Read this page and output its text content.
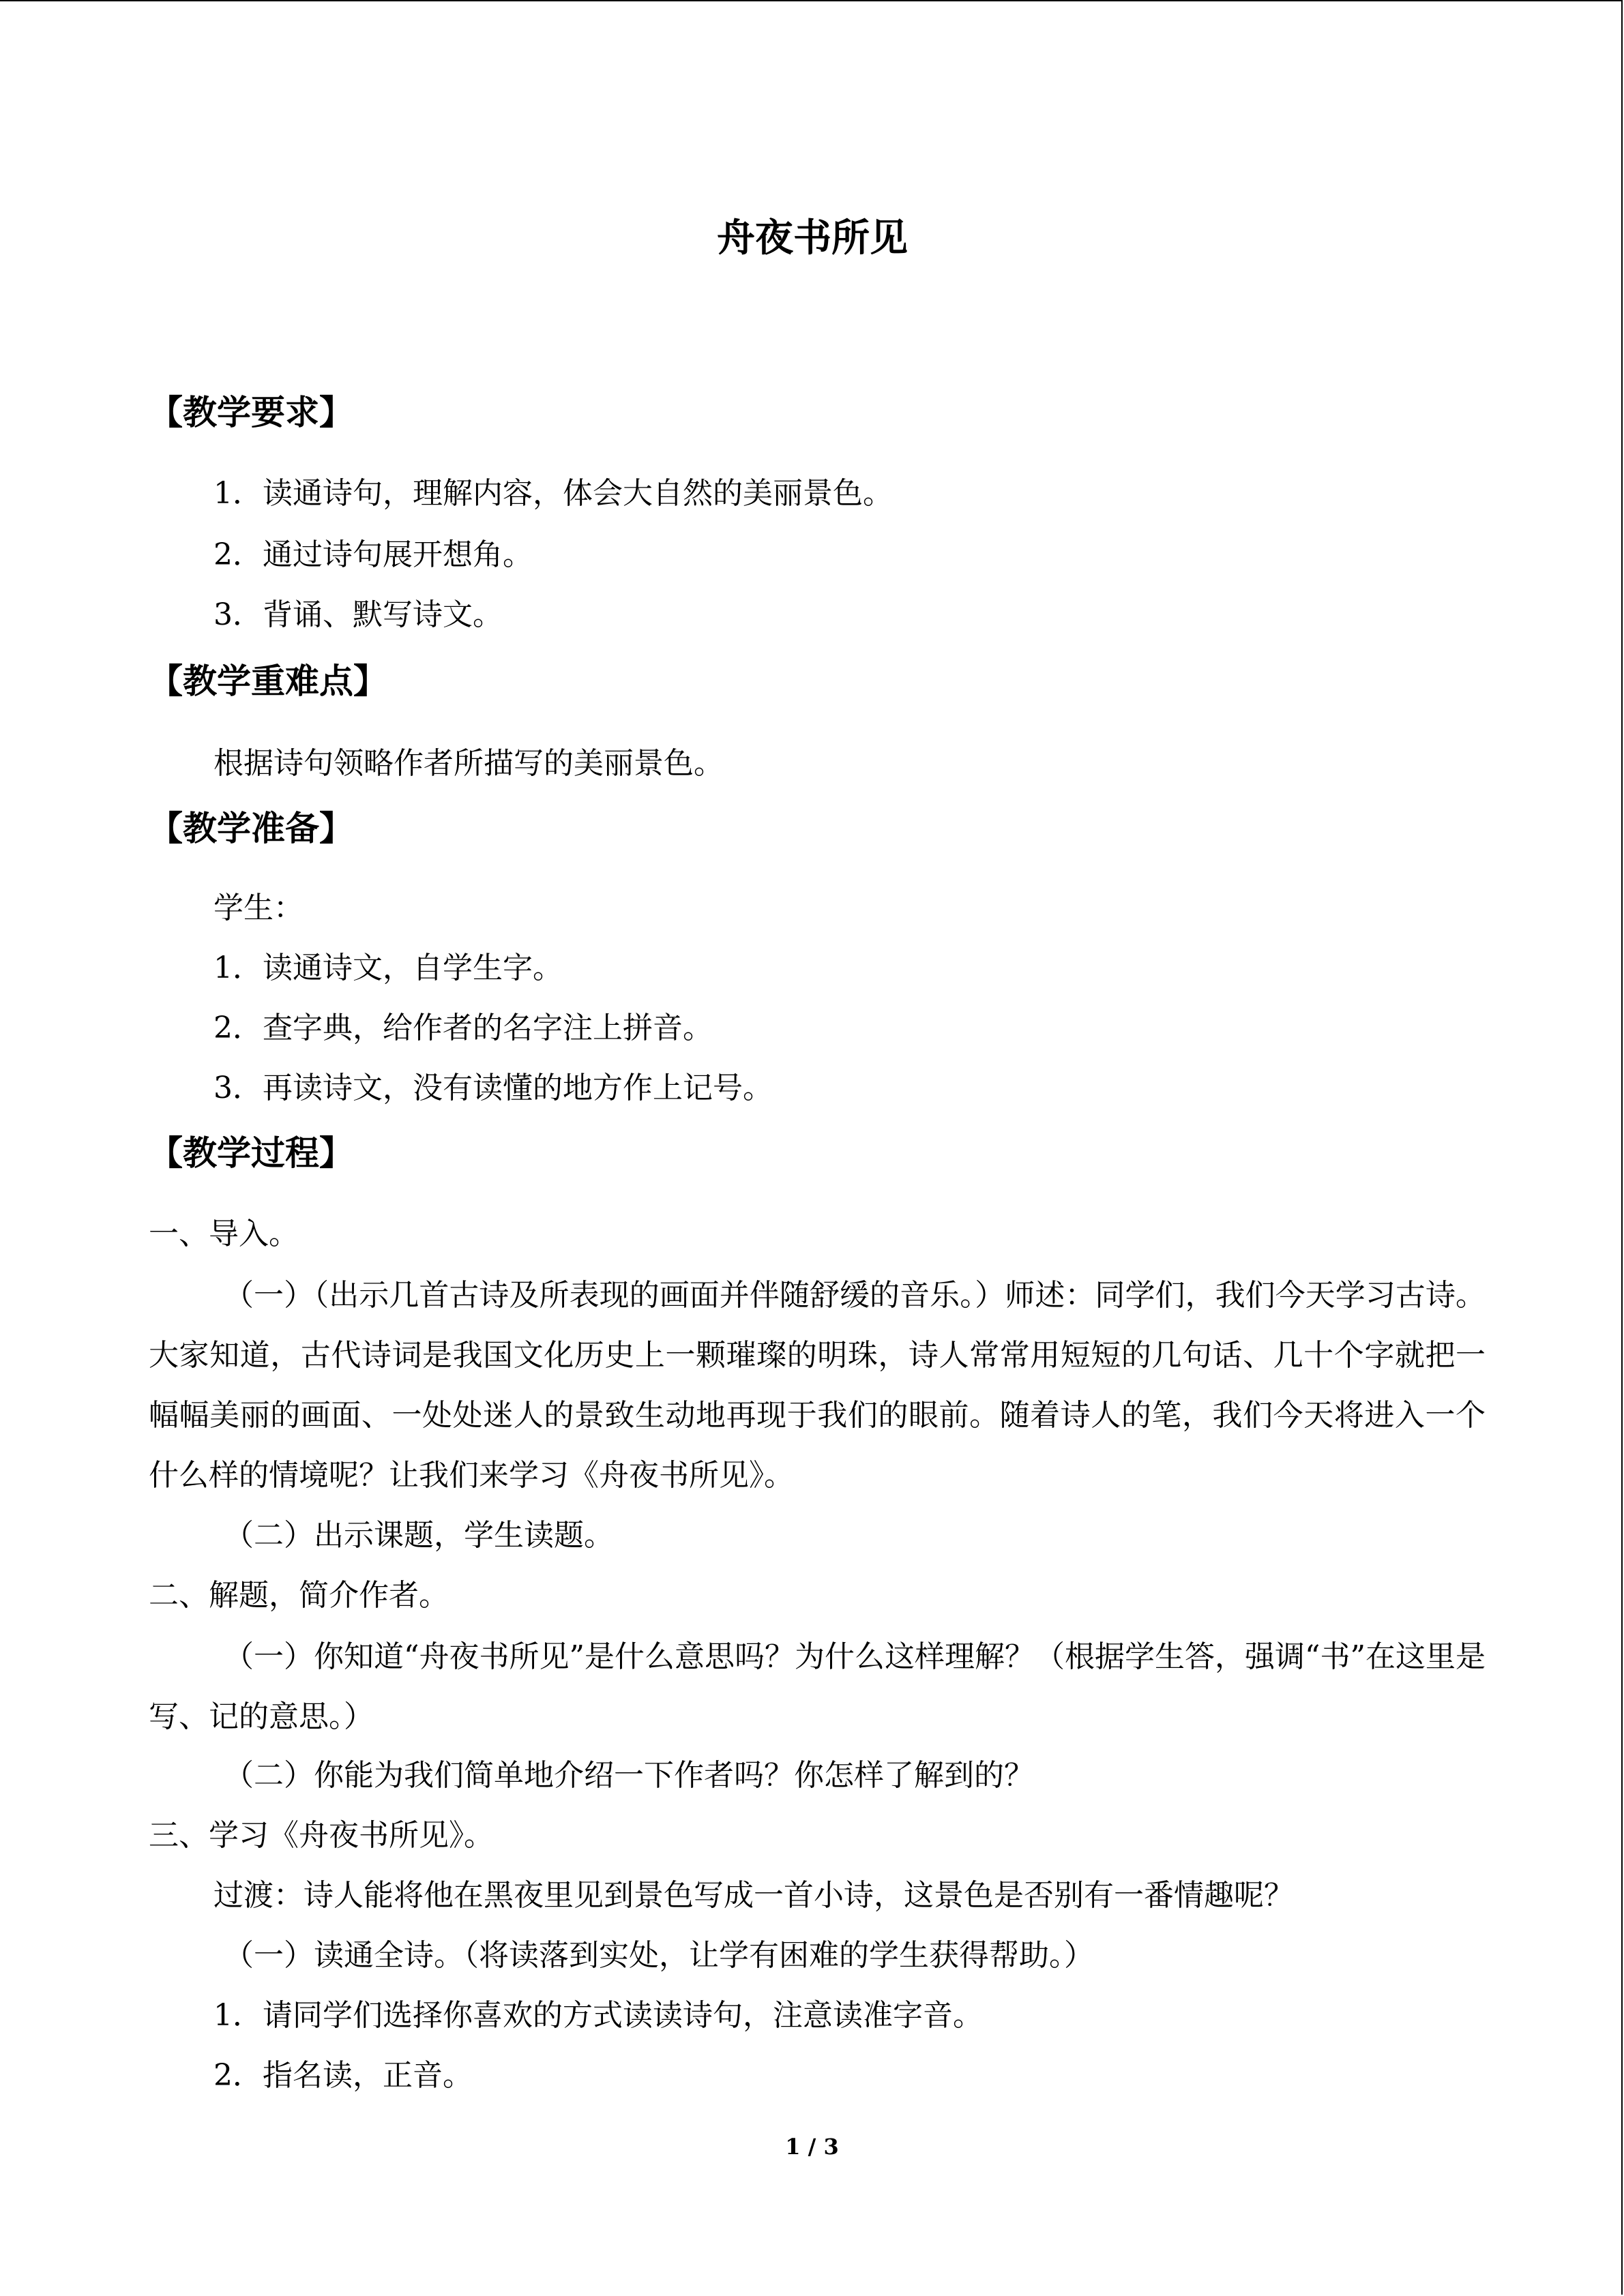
舟夜书所见
【教学要求】
1．读通诗句，理解内容，体会大自然的美丽景色。
2．通过诗句展开想角。
3．背诵、默写诗文。
【教学重难点】
根据诗句领略作者所描写的美丽景色。
【教学准备】
学生：
1．读通诗文，自学生字。
2．查字典，给作者的名字注上拼音。
3．再读诗文，没有读懂的地方作上记号。
【教学过程】
一、导入。
（一）（出示几首古诗及所表现的画面并伴随舒缓的音乐。）师述：同学们，我们今天学习古诗。大家知道，古代诗词是我国文化历史上一颗璀璨的明珠，诗人常常用短短的几句话、几十个字就把一幅幅美丽的画面、一处处迷人的景致生动地再现于我们的眼前。随着诗人的笔，我们今天将进入一个什么样的情境呢？让我们来学习《舟夜书所见》。
（二）出示课题，学生读题。
二、解题，简介作者。
（一）你知道“舟夜书所见”是什么意思吗？为什么这样理解？（根据学生答，强调“书”在这里是写、记的意思。）
（二）你能为我们简单地介绍一下作者吗？你怎样了解到的？
三、学习《舟夜书所见》。
过渡：诗人能将他在黑夜里见到景色写成一首小诗，这景色是否别有一番情趣呢？
（一）读通全诗。（将读落到实处，让学有困难的学生获得帮助。）
1．请同学们选择你喜欢的方式读读诗句，注意读准字音。
2．指名读，正音。
1 / 3
